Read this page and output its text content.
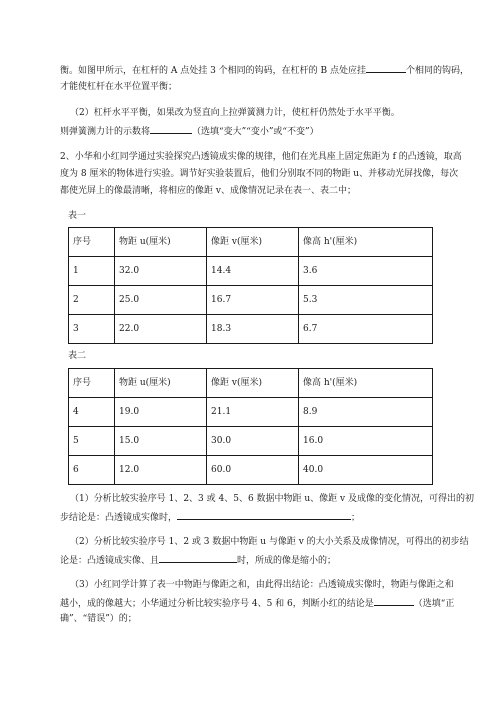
衡。如图甲所示，在杠杆的 A 点处挂 3 个相同的钩码，在杠杆的 B 点处应挂	个相同的钩码，
才能使杠杆在水平位置平衡；
（2）杠杆水平平衡，如果改为竖直向上拉弹簧测力计，使杠杆仍然处于水平平衡。
则弹簧测力计的示数将	（选填“变大”“变小”或“不变”）
2、小华和小红同学通过实验探究凸透镜成实像的规律，他们在光具座上固定焦距为 f 的凸透镜，取高
度为 8 厘米的物体进行实验。调节好实验装置后，他们分别取不同的物距 u、并移动光屏找像，每次
都使光屏上的像最清晰，将相应的像距 v、成像情况记录在表一、表二中；
表一
序号	物距 u(厘米)	像距 v(厘米)	像高 h'(厘米)
1	32.0	14.4	3.6
2	25.0	16.7	5.3
3	22.0	18.3	6.7
表二
序号	物距 u(厘米)	像距 v(厘米)	像高 h'(厘米)
4	19.0	21.1	8.9
5	15.0	30.0	16.0
6	12.0	60.0	40.0
（1）分析比较实验序号 1、2、3 或 4、5、6 数据中物距 u、像距 v 及成像的变化情况，可得出的初
步结论是：凸透镜成实像时，	；
（2）分析比较实验序号 1、2 或 3 数据中物距 u 与像距 v 的大小关系及成像情况，可得出的初步结
论是：凸透镜成实像、且	时，所成的像是缩小的；
（3）小红同学计算了表一中物距与像距之和，由此得出结论：凸透镜成实像时，物距与像距之和
越小，成的像越大；小华通过分析比较实验序号 4、5 和 6，判断小红的结论是	（选填“正
确”、“错误”）的；
